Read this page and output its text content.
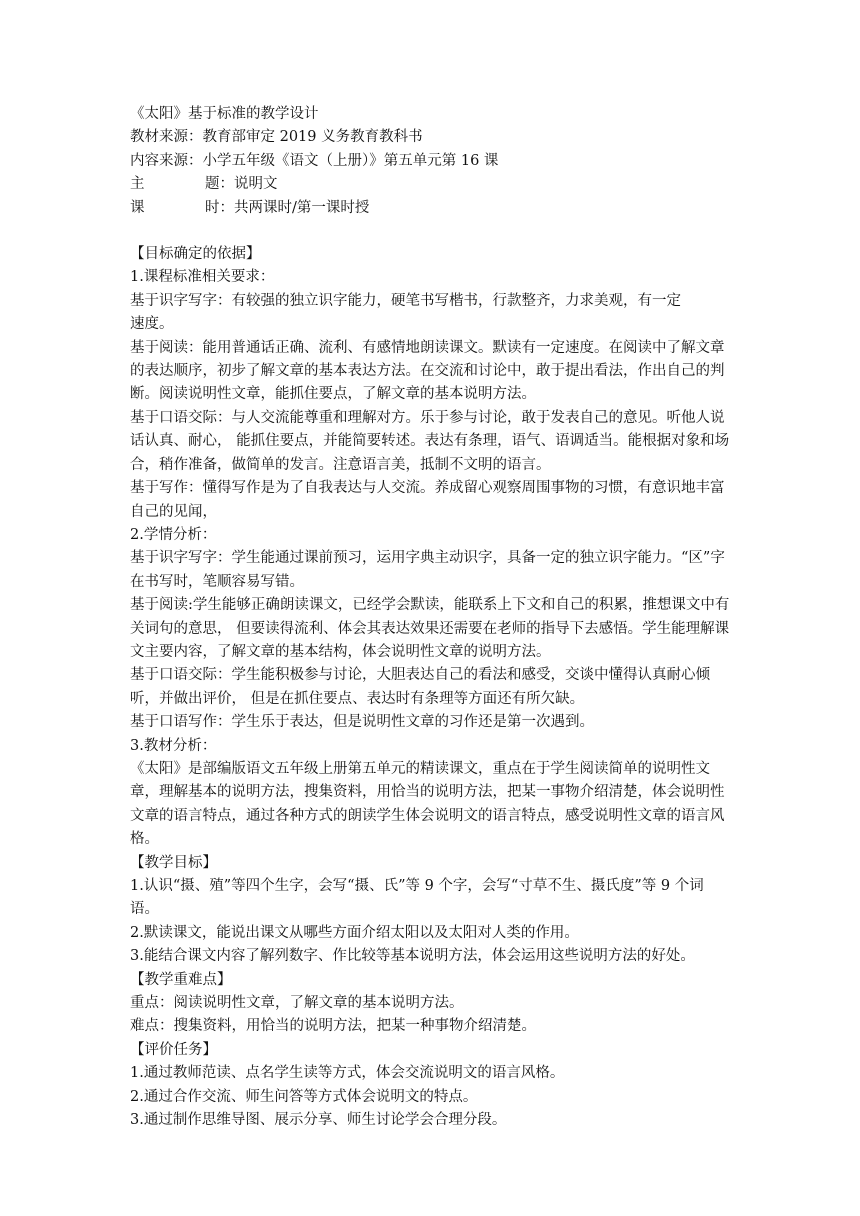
《太阳》基于标准的教学设计
教材来源：教育部审定 2019 义务教育教科书
内容来源：小学五年级《语文（上册）》第五单元第 16 课
主	题：说明文
课	时：共两课时/第一课时授
【目标确定的依据】
1.课程标准相关要求：
基于识字写字：有较强的独立识字能力，硬笔书写楷书，行款整齐，力求美观，有一定
速度。
基于阅读：能用普通话正确、流利、有感情地朗读课文。默读有一定速度。在阅读中了解文章的表达顺序，初步了解文章的基本表达方法。在交流和讨论中，敢于提出看法，作出自己的判断。阅读说明性文章，能抓住要点，了解文章的基本说明方法。
基于口语交际：与人交流能尊重和理解对方。乐于参与讨论，敢于发表自己的意见。听他人说话认真、耐心， 能抓住要点，并能简要转述。表达有条理，语气、语调适当。能根据对象和场合，稍作准备，做简单的发言。注意语言美，抵制不文明的语言。
基于写作：懂得写作是为了自我表达与人交流。养成留心观察周围事物的习惯，有意识地丰富自己的见闻，
2.学情分析：
基于识字写字：学生能通过课前预习，运用字典主动识字，具备一定的独立识字能力。“区”字在书写时，笔顺容易写错。
基于阅读:学生能够正确朗读课文，已经学会默读，能联系上下文和自己的积累，推想课文中有关词句的意思， 但要读得流利、体会其表达效果还需要在老师的指导下去感悟。学生能理解课文主要内容，了解文章的基本结构，体会说明性文章的说明方法。
基于口语交际：学生能积极参与讨论，大胆表达自己的看法和感受，交谈中懂得认真耐心倾听，并做出评价， 但是在抓住要点、表达时有条理等方面还有所欠缺。
基于口语写作：学生乐于表达，但是说明性文章的习作还是第一次遇到。
3.教材分析：
《太阳》是部编版语文五年级上册第五单元的精读课文，重点在于学生阅读简单的说明性文章，理解基本的说明方法，搜集资料，用恰当的说明方法，把某一事物介绍清楚，体会说明性文章的语言特点，通过各种方式的朗读学生体会说明文的语言特点，感受说明性文章的语言风格。
【教学目标】
1.认识“摄、殖”等四个生字，会写“摄、氏”等 9 个字，会写“寸草不生、摄氏度”等 9 个词语。
2.默读课文，能说出课文从哪些方面介绍太阳以及太阳对人类的作用。
3.能结合课文内容了解列数字、作比较等基本说明方法，体会运用这些说明方法的好处。
【教学重难点】
重点：阅读说明性文章，了解文章的基本说明方法。
难点：搜集资料，用恰当的说明方法，把某一种事物介绍清楚。
【评价任务】
1.通过教师范读、点名学生读等方式，体会交流说明文的语言风格。
2.通过合作交流、师生问答等方式体会说明文的特点。
3.通过制作思维导图、展示分享、师生讨论学会合理分段。
